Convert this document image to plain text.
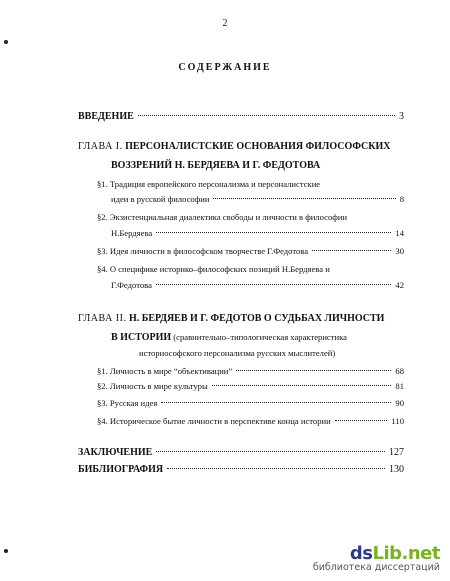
2
СОДЕРЖАНИЕ
ВВЕДЕНИЕ	3
ГЛАВА I. ПЕРСОНАЛИСТСКИЕ ОСНОВАНИЯ ФИЛОСОФСКИХ
ВОЗЗРЕНИЙ Н. БЕРДЯЕВА И Г. ФЕДОТОВА
§1. Традиция европейского персонализма и персоналистские
идеи в русской философии	8
§2. Экзистенциальная диалектика свободы и личности в философии
Н.Бердяева	14
§3. Идея личности в философском творчестве Г.Федотова	30
§4. О специфике историко–философских позиций Н.Бердяева и
Г.Федотова	42
ГЛАВА II. Н. БЕРДЯЕВ И Г. ФЕДОТОВ О СУДЬБАХ ЛИЧНОСТИ
В ИСТОРИИ (сравнительно–типологическая характеристика
историософского персонализма русских мыслителей)
§1. Личность в мире “объективации”	68
§2. Личность в мире культуры	81
§3. Русская идея	90
§4. Историческое бытие личности в перспективе конца истории	110
ЗАКЛЮЧЕНИЕ	127
БИБЛИОГРАФИЯ	130
dsLib.net
библиотека диссертаций
